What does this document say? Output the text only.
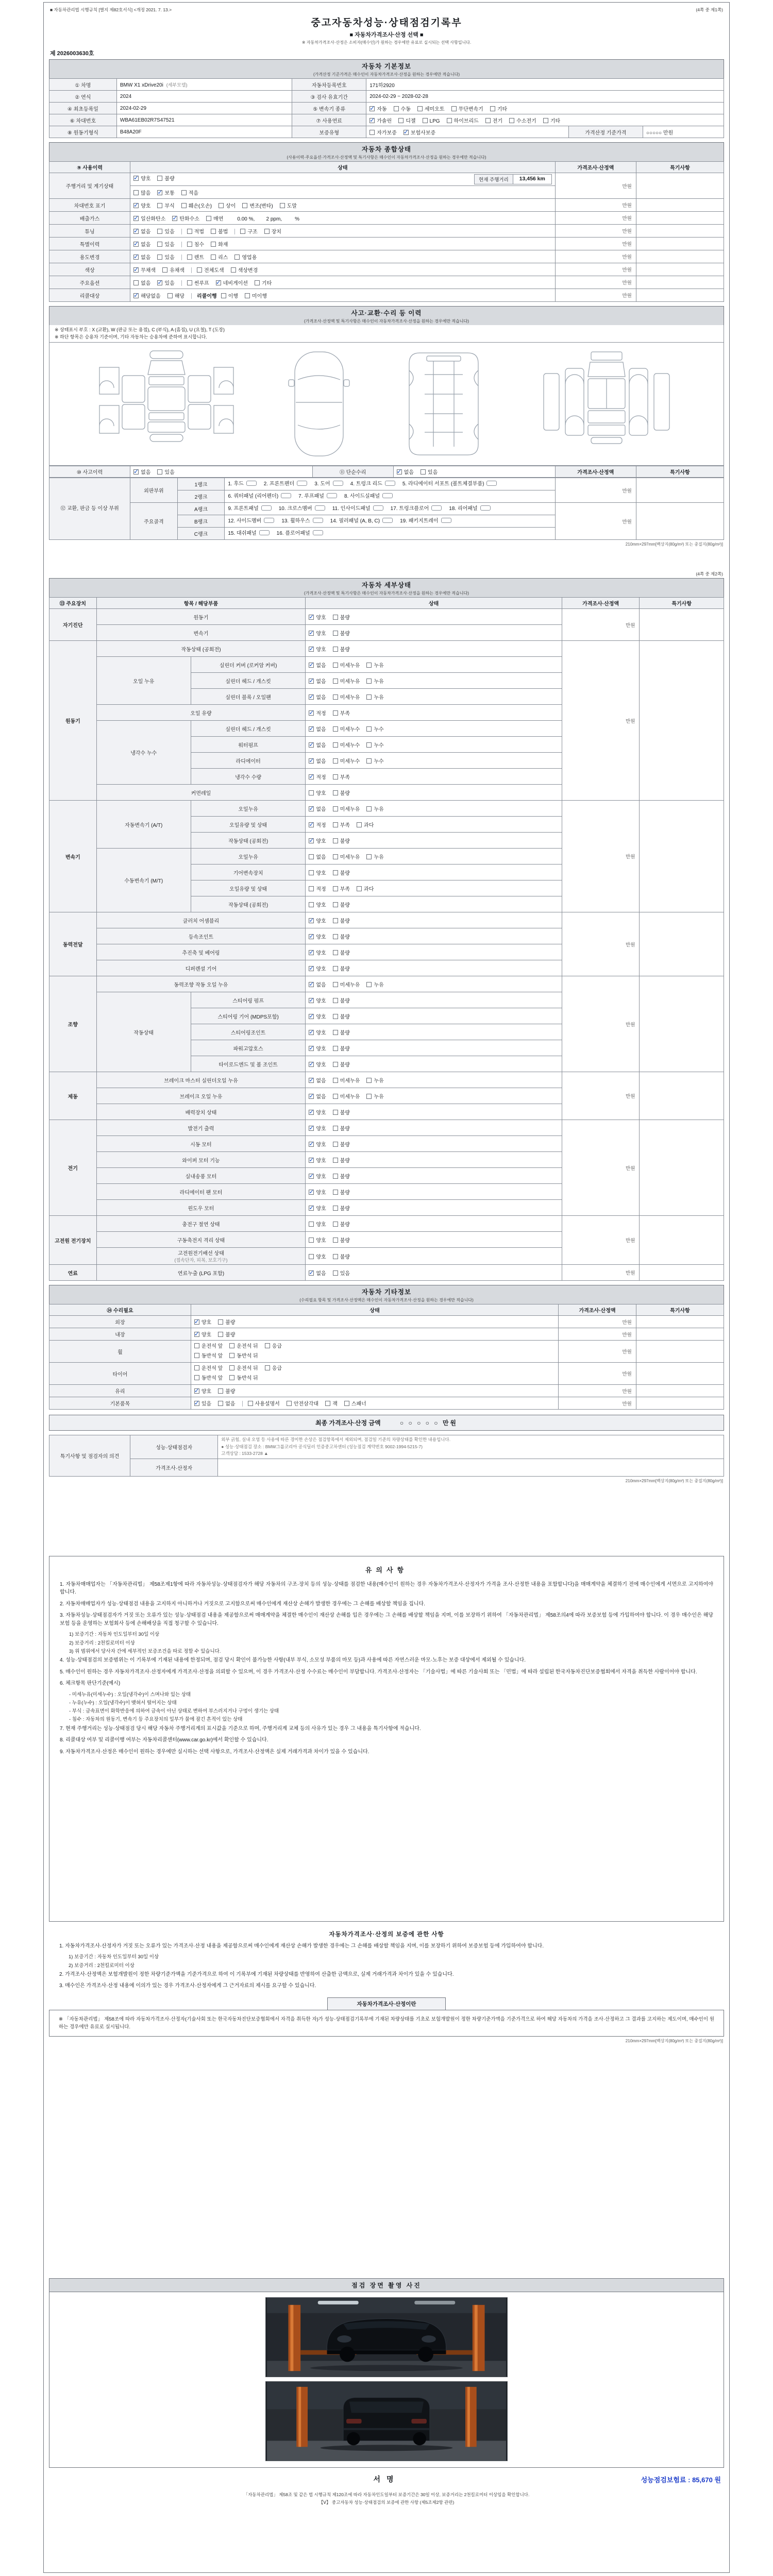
■ 자동차관리법 시행규칙 [별지 제82호서식] <개정 2021. 7. 13.>	(4쪽 중 제1쪽)
중고자동차성능·상태점검기록부
■ 자동차가격조사·산정 선택 ■
※ 자동차가격조사·산정은 소비자(매수인)가 원하는 경우에만 유료로 실시되는 선택 사항입니다.
제 2026003630호
자동차 기본정보
(가격산정 기준가격은 매수인이 자동차가격조사·산정을 원하는 경우에만 적습니다)
① 차명	BMW X1 xDrive20i (세부모델)	자동차등록번호	171하2920		
② 연식	2024	③ 검사 유효기간	2024-02-29 ~ 2028-02-28		
④ 최초등록일	2024-02-29	⑤ 변속기 종류	✓자동 수동 세미오토 무단변속기 기타
⑥ 차대번호	WBA61EB02R7S47521	⑦ 사용연료	✓가솔린 디젤 LPG 하이브리드 전기 수소전기 기타
⑧ 원동기형식	B48A20F	보증유형	자가보증 ✓ 보험사보증	가격산정 기준가격	○○○○○ 만원
자동차 종합상태
(사용이력·주요옵션·가격조사·산정액 및 특기사항은 매수인이 자동차가격조사·산정을 원하는 경우에만 적습니다)
⑨ 사용이력	상태	가격조사·산정액	특기사항
주행거리 및 계기상태	✓양호 불량 현재 주행거리 13,456 km	만원	
	많음 ✓ 보통 적음
차대번호 표기	✓양호 부식 훼손(오손) 상이 변조(변타) 도말	만원	
배출가스	✓일산화탄소 ✓ 탄화수소 매연 0.00 %,        2 ppm,         %	만원	
튜닝	✓없음 있음 적법 불법 구조 장치	만원	
특별이력	✓없음 있음 침수 화재	만원	
용도변경	✓없음 있음 렌트 리스 영업용	만원	
색상	✓무채색 유채색 전체도색 색상변경	만원	
주요옵션	없음 ✓ 있음 썬루프 ✓ 네비게이션 기타	만원	
리콜대상	✓해당없음 해당 리콜이행 이행 미이행	만원	
사고·교환·수리 등 이력
(가격조사·산정액 및 특기사항은 매수인이 자동차가격조사·산정을 원하는 경우에만 적습니다)
※ 상태표시 부호 : X (교환), W (판금 또는 용접), C (부식), A (흠집), U (요철), T (도장)
※ 하단 항목은 승용차 기준이며, 기타 자동차는 승용차에 준하여 표시합니다.
⑩ 사고이력	✓없음	있음	⑪ 단순수리	✓없음	있음	가격조사·산정액	특기사항
⑫ 교환, 판금 등 이상 부위	외판부위	1랭크	1. 후드 2. 프론트펜더 3. 도어 4. 트렁크 리드 5. 라디에이터 서포트 (볼트체결부품)	만원	
		2랭크	6. 쿼터패널 (리어펜더) 7. 루프패널 8. 사이드실패널		
	주요골격	A랭크	9. 프론트패널 10. 크로스멤버 11. 인사이드패널 17. 트렁크플로어 18. 리어패널	만원	
		B랭크	12. 사이드멤버 13. 휠하우스 14. 필러패널 (A, B, C) 19. 패키지트레이		
		C랭크	15. 대쉬패널 16. 플로어패널		
210mm×297mm[백상지(80g/m²) 또는 중질지(80g/m²)]
(4쪽 중 제2쪽)
자동차 세부상태
(가격조사·산정액 및 특기사항은 매수인이 자동차가격조사·산정을 원하는 경우에만 적습니다)
⑬ 주요장치	항목 / 해당부품		상태	가격조사·산정액	특기사항
자기진단	원동기	✓양호 불량	만원	
	변속기	✓양호 불량
원동기	작동상태 (공회전)	✓양호 불량	만원	
	오일 누유	실린더 커버 (로커암 커버)	✓없음 미세누유 누유
		실린더 헤드 / 개스킷	✓없음 미세누유 누유
		실린더 블록 / 오일팬	✓없음 미세누유 누유
	오일 유량	✓적정 부족
	냉각수 누수	실린더 헤드 / 개스킷	✓없음 미세누수 누수
		워터펌프	✓없음 미세누수 누수
		라디에이터	✓없음 미세누수 누수
		냉각수 수량	✓적정 부족
	커먼레일		양호 불량		
변속기	자동변속기 (A/T)	오일누유	✓없음 미세누유 누유	만원	
		오일유량 및 상태	✓적정 부족 과다
		작동상태 (공회전)	✓양호 불량
	수동변속기 (M/T)	오일누유	없음 미세누유 누유		
		기어변속장치	양호 불량		
		오일유량 및 상태	적정 부족 과다		
		작동상태 (공회전)	양호 불량		
동력전달	클러치 어셈블리	✓양호 불량	만원	
	등속조인트	✓양호 불량
	추진축 및 베어링	✓양호 불량
	디퍼렌셜 기어	✓양호 불량
조향	동력조향 작동 오일 누유	✓없음 미세누유 누유	만원	
	작동상태	스티어링 펌프	✓양호 불량
		스티어링 기어 (MDPS포함)	✓양호 불량
		스티어링조인트	✓양호 불량
		파워고압호스	✓양호 불량
		타이로드엔드 및 볼 조인트	✓양호 불량
제동	브레이크 마스터 실린더오일 누유	✓없음 미세누유 누유	만원	
	브레이크 오일 누유	✓없음 미세누유 누유
	배력장치 상태	✓양호 불량
전기	발전기 출력	✓양호 불량	만원	
	시동 모터	✓양호 불량
	와이퍼 모터 기능	✓양호 불량
	실내송풍 모터	✓양호 불량
	라디에이터 팬 모터	✓양호 불량
	윈도우 모터	✓양호 불량
고전원 전기장치	충전구 절연 상태		양호 불량	만원	
	구동축전지 격리 상태		양호 불량		
	고전원전기배선 상태
(접속단자, 피복, 보호기구)		양호 불량		
연료	연료누출 (LPG 포함)	✓없음 있음	만원	
자동차 기타정보
(수리필요 항목 및 가격조사·산정액은 매수인이 자동차가격조사·산정을 원하는 경우에만 적습니다)
⑭ 수리필요	상태	가격조사·산정액	특기사항
외장	✓양호 불량	만원	
내장	✓양호 불량	만원	
휠	운전석 앞 운전석 뒤 응급
동반석 앞 동반석 뒤	만원	
타이어	운전석 앞 운전석 뒤 응급
동반석 앞 동반석 뒤	만원	
유리	✓양호 불량	만원	
기본품목	✓있음 없음 사용설명서 안전삼각대 잭 스패너	만원	
최종 가격조사·산정 금액	○ ○ ○ ○ ○ 만원
특기사항 및 점검자의 의견	성능·상태점검자	외부 긁힘, 실내 오염 등 사용에 따른 경미한 손상은 점검항목에서 제외되며, 점검일 기준의 차량상태를 확인한 내용입니다.
● 성능·상태점검 장소 : BMW그룹코리아 공식딜러 인증중고차센터 (성능점검 계약번호 9002-1994-5215-7)
고객상담 : 1533-2728 ▲

	가격조사·산정자	
210mm×297mm[백상지(80g/m²) 또는 중질지(80g/m²)]
유의사항
1. 자동차매매업자는 「자동차관리법」 제58조제1항에 따라 자동차성능·상태점검자가 해당 자동차의 구조·장치 등의 성능·상태를 점검한 내용(매수인이 원하는 경우 자동차가격조사·산정자가 가격을 조사·산정한 내용을 포함합니다)을 매매계약을 체결하기 전에 매수인에게 서면으로 고지하여야 합니다.
2. 자동차매매업자가 성능·상태점검 내용을 고지하지 아니하거나 거짓으로 고지함으로써 매수인에게 재산상 손해가 발생한 경우에는 그 손해를 배상할 책임을 집니다.
3. 자동차성능·상태점검자가 거짓 또는 오류가 있는 성능·상태점검 내용을 제공함으로써 매매계약을 체결한 매수인이 재산상 손해를 입은 경우에는 그 손해를 배상할 책임을 지며, 이를 보장하기 위하여 「자동차관리법」 제58조의4에 따라 보증보험 등에 가입하여야 합니다. 이 경우 매수인은 해당 보험 등을 운영하는 보험회사 등에 손해배상을 직접 청구할 수 있습니다.
1) 보증기간 : 자동차 인도일부터 30일 이상
2) 보증거리 : 2천킬로미터 이상
3) 위 범위에서 당사자 간에 세부적인 보증조건을 따로 정할 수 있습니다.
4. 성능·상태점검의 보증범위는 이 기록부에 기재된 내용에 한정되며, 점검 당시 확인이 불가능한 사항(내부 부식, 소모성 부품의 마모 등)과 사용에 따른 자연스러운 마모·노후는 보증 대상에서 제외될 수 있습니다.
5. 매수인이 원하는 경우 자동차가격조사·산정자에게 가격조사·산정을 의뢰할 수 있으며, 이 경우 가격조사·산정 수수료는 매수인이 부담합니다. 가격조사·산정자는 「기술사법」에 따른 기술사회 또는 「민법」에 따라 설립된 한국자동차진단보증협회에서 자격을 취득한 사람이어야 합니다.
6. 체크항목 판단기준(예시)
- 미세누유(미세누수) : 오일(냉각수)이 스며나와 있는 상태
- 누유(누수) : 오일(냉각수)이 맺혀서 떨어지는 상태
- 부식 : 금속표면이 화학반응에 의하여 금속이 아닌 상태로 변하여 부스러지거나 구멍이 생기는 상태
- 침수 : 자동차의 원동기, 변속기 등 주요장치의 일부가 물에 잠긴 흔적이 있는 상태
7. 현재 주행거리는 성능·상태점검 당시 해당 자동차 주행거리계의 표시값을 기준으로 하며, 주행거리계 교체 등의 사유가 있는 경우 그 내용을 특기사항에 적습니다.
8. 리콜대상 여부 및 리콜이행 여부는 자동차리콜센터(www.car.go.kr)에서 확인할 수 있습니다.
9. 자동차가격조사·산정은 매수인이 원하는 경우에만 실시하는 선택 사항으로, 가격조사·산정액은 실제 거래가격과 차이가 있을 수 있습니다.
자동차가격조사·산정의 보증에 관한 사항
1. 자동차가격조사·산정자가 거짓 또는 오류가 있는 가격조사·산정 내용을 제공함으로써 매수인에게 재산상 손해가 발생한 경우에는 그 손해를 배상할 책임을 지며, 이를 보장하기 위하여 보증보험 등에 가입하여야 합니다.
1) 보증기간 : 자동차 인도일부터 30일 이상
2) 보증거리 : 2천킬로미터 이상
2. 가격조사·산정액은 보험개발원이 정한 차량기준가액을 기준가격으로 하여 이 기록부에 기재된 차량상태를 반영하여 산출한 금액으로, 실제 거래가격과 차이가 있을 수 있습니다.
3. 매수인은 가격조사·산정 내용에 이의가 있는 경우 가격조사·산정자에게 그 근거자료의 제시를 요구할 수 있습니다.
자동차가격조사·산정이란
※ 「자동차관리법」 제58조에 따라 자동차가격조사·산정자(기술사회 또는 한국자동차진단보증협회에서 자격을 취득한 자)가 성능·상태점검기록부에 기재된 차량상태를 기초로 보험개발원이 정한 차량기준가액을 기준가격으로 하여 해당 자동차의 가격을 조사·산정하고 그 결과를 고지하는 제도이며, 매수인이 원하는 경우에만 유료로 실시됩니다.
210mm×297mm[백상지(80g/m²) 또는 중질지(80g/m²)]
점검 장면 촬영 사진
서명	성능점검보험료 : 85,670 원
「자동차관리법」 제58조 및 같은 법 시행규칙 제120조에 따라 자동차인도일부터 보증기간은 30일 이상, 보증거리는 2천킬로미터 이상임을 확인합니다.
【Ⅴ】 중고자동차 성능·상태점검의 보증에 관한 사항 (제5조제2항 관련)
